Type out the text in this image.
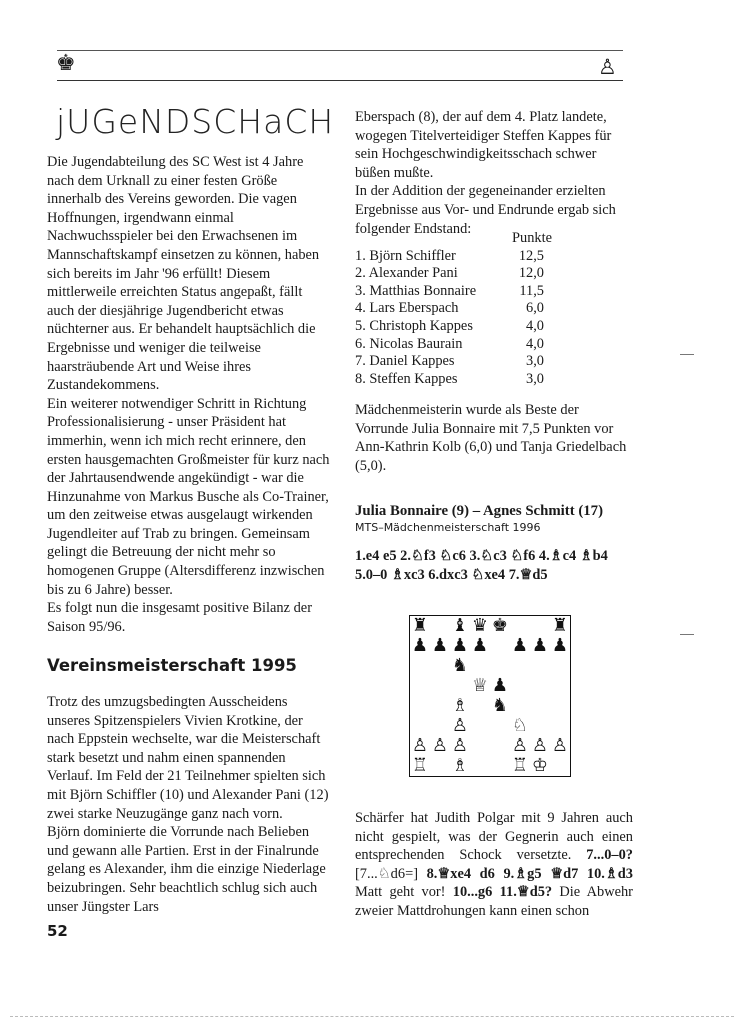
♚	♙
jUGeNDSCHaCH

Die Jugendabteilung des SC West ist 4 Jahre nach dem Urknall zu einer festen Größe innerhalb des Vereins geworden. Die vagen Hoffnungen, irgendwann einmal Nachwuchsspieler bei den Erwachsenen im Mannschaftskampf einsetzen zu können, haben sich bereits im Jahr '96 erfüllt! Diesem mittlerweile erreichten Status angepaßt, fällt auch der diesjährige Jugendbericht etwas nüchterner aus. Er behandelt hauptsächlich die Ergebnisse und weniger die teilweise haarsträubende Art und Weise ihres Zustandekommens.

Ein weiterer notwendiger Schritt in Richtung Professionalisierung - unser Präsident hat immerhin, wenn ich mich recht erinnere, den ersten hausgemachten Großmeister für kurz nach der Jahrtausendwende angekündigt - war die Hinzunahme von Markus Busche als Co-Trainer, um den zeitweise etwas ausgelaugt wirkenden Jugendleiter auf Trab zu bringen. Gemeinsam gelingt die Betreuung der nicht mehr so homogenen Gruppe (Altersdifferenz inzwischen bis zu 6 Jahre) besser.

Es folgt nun die insgesamt positive Bilanz der Saison 95/96.

Vereinsmeisterschaft 1995

Trotz des umzugsbedingten Ausscheidens unseres Spitzenspielers Vivien Krotkine, der nach Eppstein wechselte, war die Meisterschaft stark besetzt und nahm einen spannenden Verlauf. Im Feld der 21 Teilnehmer spielten sich mit Björn Schiffler (10) und Alexander Pani (12) zwei starke Neuzugänge ganz nach vorn.

Björn dominierte die Vorrunde nach Belieben und gewann alle Partien. Erst in der Finalrunde gelang es Alexander, ihm die einzige Niederlage beizubringen. Sehr beachtlich schlug sich auch unser Jüngster Lars

52

Eberspach (8), der auf dem 4. Platz landete, wogegen Titelverteidiger Steffen Kappes für sein Hochgeschwindigkeitsschach schwer büßen mußte.

In der Addition der gegeneinander erzielten Ergebnisse aus Vor- und Endrunde ergab sich folgender Endstand:

Punkte
1. Björn Schiffler	12,5
2. Alexander Pani	12,0
3. Matthias Bonnaire	11,5
4. Lars Eberspach	6,0
5. Christoph Kappes	4,0
6. Nicolas Baurain	4,0
7. Daniel Kappes	3,0
8. Steffen Kappes	3,0

Mädchenmeisterin wurde als Beste der Vorrunde Julia Bonnaire mit 7,5 Punkten vor Ann-Kathrin Kolb (6,0) und Tanja Griedelbach (5,0).

Julia Bonnaire (9) – Agnes Schmitt (17)
MTS–Mädchenmeisterschaft 1996
1.e4 e5 2.♘f3 ♘c6 3.♘c3 ♘f6 4.♗c4 ♗b4
5.0–0 ♗xc3 6.dxc3 ♘xe4 7.♕d5
♜ ♝ ♛ ♚ ♜
♟ ♟ ♟ ♟ ♟ ♟ ♟
♞
♕ ♟
♗ ♞
♙ ♘
♙ ♙ ♙ ♙ ♙ ♙
♖ ♗ ♖ ♔
Schärfer hat Judith Polgar mit 9 Jahren auch nicht gespielt, was der Gegnerin auch einen entsprechenden Schock versetzte. 7...0–0? [7...♘d6=] 8.♕xe4 d6 9.♗g5 ♕d7 10.♗d3 Matt geht vor! 10...g6 11.♕d5? Die Abwehr zweier Mattdrohungen kann einen schon
